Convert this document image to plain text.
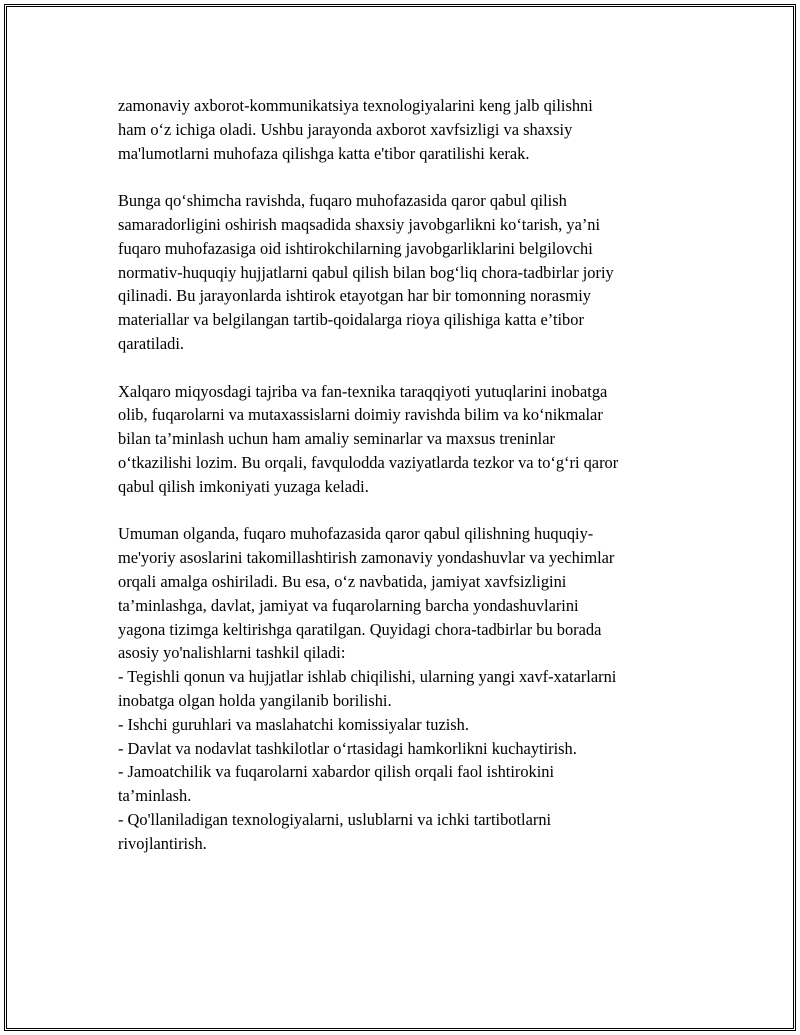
zamonaviy axborot-kommunikatsiya texnologiyalarini keng jalb qilishni
ham o‘z ichiga oladi. Ushbu jarayonda axborot xavfsizligi va shaxsiy
ma'lumotlarni muhofaza qilishga katta e'tibor qaratilishi kerak.

Bunga qo‘shimcha ravishda, fuqaro muhofazasida qaror qabul qilish
samaradorligini oshirish maqsadida shaxsiy javobgarlikni ko‘tarish, ya’ni
fuqaro muhofazasiga oid ishtirokchilarning javobgarliklarini belgilovchi
normativ-huquqiy hujjatlarni qabul qilish bilan bog‘liq chora-tadbirlar joriy
qilinadi. Bu jarayonlarda ishtirok etayotgan har bir tomonning norasmiy
materiallar va belgilangan tartib-qoidalarga rioya qilishiga katta e’tibor
qaratiladi.

Xalqaro miqyosdagi tajriba va fan-texnika taraqqiyoti yutuqlarini inobatga
olib, fuqarolarni va mutaxassislarni doimiy ravishda bilim va ko‘nikmalar
bilan ta’minlash uchun ham amaliy seminarlar va maxsus treninlar
o‘tkazilishi lozim. Bu orqali, favqulodda vaziyatlarda tezkor va to‘g‘ri qaror
qabul qilish imkoniyati yuzaga keladi.

Umuman olganda, fuqaro muhofazasida qaror qabul qilishning huquqiy-
me'yoriy asoslarini takomillashtirish zamonaviy yondashuvlar va yechimlar
orqali amalga oshiriladi. Bu esa, o‘z navbatida, jamiyat xavfsizligini
ta’minlashga, davlat, jamiyat va fuqarolarning barcha yondashuvlarini
yagona tizimga keltirishga qaratilgan. Quyidagi chora-tadbirlar bu borada
asosiy yo'nalishlarni tashkil qiladi:
- Tegishli qonun va hujjatlar ishlab chiqilishi, ularning yangi xavf-xatarlarni
inobatga olgan holda yangilanib borilishi.
- Ishchi guruhlari va maslahatchi komissiyalar tuzish.
- Davlat va nodavlat tashkilotlar o‘rtasidagi hamkorlikni kuchaytirish.
- Jamoatchilik va fuqarolarni xabardor qilish orqali faol ishtirokini
ta’minlash.
- Qo'llaniladigan texnologiyalarni, uslublarni va ichki tartibotlarni
rivojlantirish.
